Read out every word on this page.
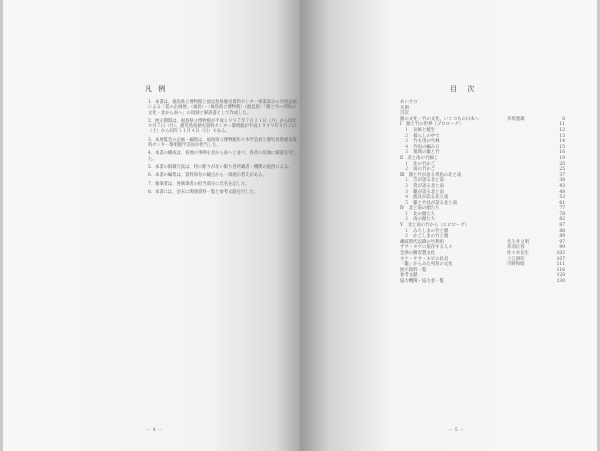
凡 例
1．本書は、福島県立博物館と福見島県歴史資料センター事業部分の共同企画による「夏の企画展」（福島）・（福島県立博物館）（福見島）「顔と竹―列島の文化・北から南へ」の図録と解説書として作成した。
2．展示期間は、福島県立博物館が平成１９９７年７月２１日（月）から同年９月７日（月）、鹿児島県歴史資料センター黎明館が平成１９９９年９月２日（土）から同年１１月４日（日）である。
3．本展覧会の企画・編集は、福島県立博物館佐々木学芸員と鹿児島県歴史資料センター黎明館学芸員が担当した。
4．本書の構成は、各地の事例を北から南へと並べ、各章の冒頭に解説を付した。
5．本書の掲載写真は、特に断りがない限り各所蔵者・機関の提供による。
6．本書の編集は、資料保存の観点から一部展示替えがある。
7．執筆者は、各執筆者の担当部分に氏名を記した。
8．本書には、巻末に関係資料一覧と参考文献を付した。
－ 4 －
目 次
あいさつ
凡例
目次
顔の文化・竹の文化、いくつもの日本へ	赤坂憲雄	6
Ⅰ　顔と竹の世界（プロローグ）	11
　１　気候と植生	12
　２　暮らしの中で	13
　３　竹も用の竹林	14
　４　竹垣の編み方	15
　５　地域の籠と竹	16
Ⅱ　北と南の竹細工	19
　１　北の竹かご	20
　２　南の竹かご	25
Ⅲ　顔と竹が語る列島の北と南	37
　１　笠が語る北と南	38
　２　箕が語る北と南	43
　３　籠が語る北と南	48
　４　漁具が語る北と南	53
　５　簾と竹具が語る北と南	61
Ⅳ　北と南の顔たち	77
　１　北の顔たち	78
　２　南の顔たち	82
Ⅴ　北と南の竹から（エピローグ）	87
　１　みちしまの竹と顔	88
　２　かごしまの竹と顔	89
縄紋時代以降の竹利用	名久井文明	97
ササ・タケに依存する人々	赤羽正春	99
会津の樹皮製文化	佐々木長生	102
タケ・ササ・キビの民具	上江洲均	107
「籠」からみた列島の文化	川野和昭	111
展示資料一覧	116
参考文献	128
協力機関・協力者一覧	130
－ 5 －
